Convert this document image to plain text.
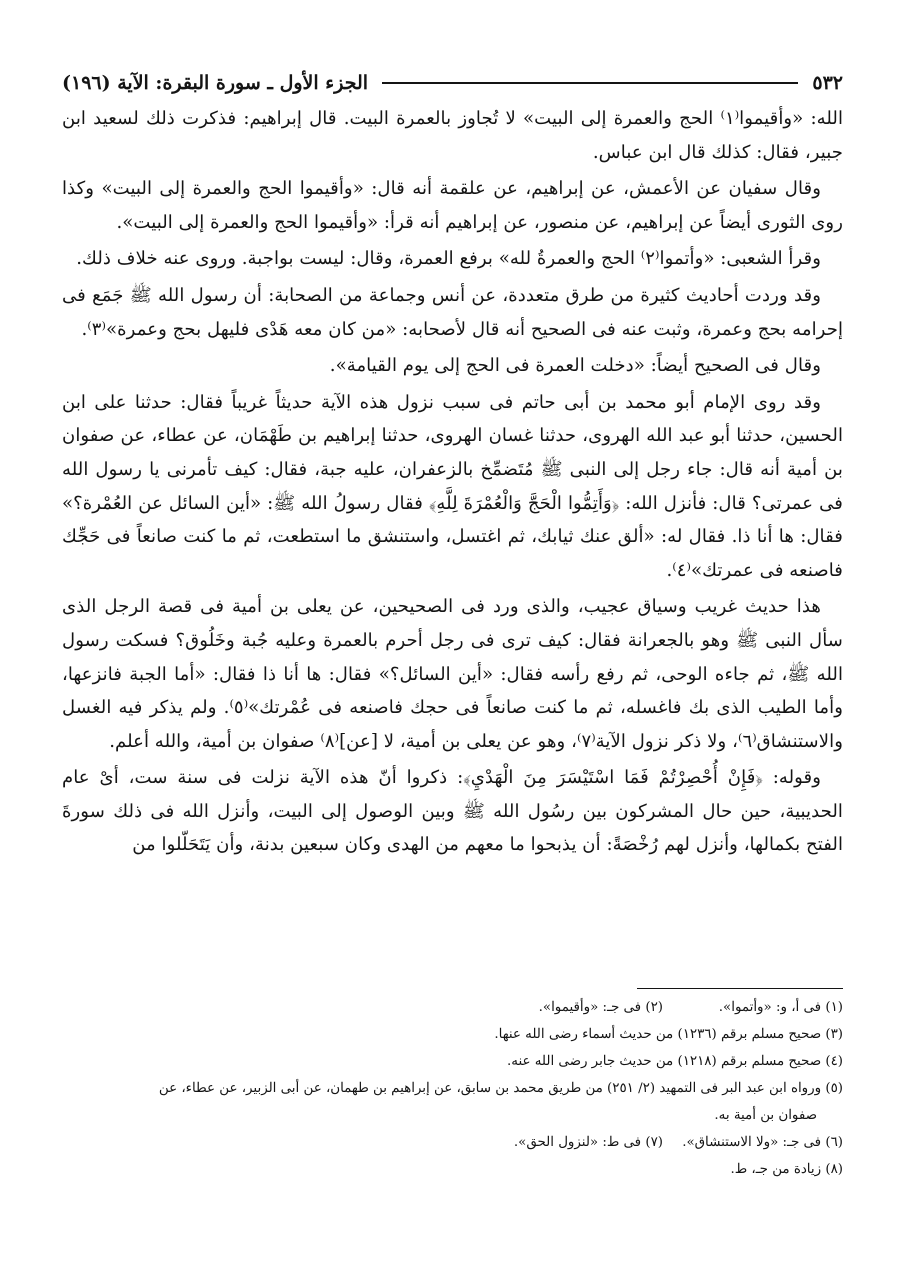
٥٣٢
الجزء الأول ـ سورة البقرة: الآية (١٩٦)

الله: «وأقيموا⁽١⁾ الحج والعمرة إلى البيت» لا تُجاوز بالعمرة البيت. قال إبراهيم: فذكرت ذلك لسعيد ابن جبير، فقال: كذلك قال ابن عباس.

وقال سفيان عن الأعمش، عن إبراهيم، عن علقمة أنه قال: «وأقيموا الحج والعمرة إلى البيت» وكذا روى الثورى أيضاً عن إبراهيم، عن منصور، عن إبراهيم أنه قرأ: «وأقيموا الحج والعمرة إلى البيت».

وقرأ الشعبى: «وأتموا⁽٢⁾ الحج والعمرةُ لله» برفع العمرة، وقال: ليست بواجبة. وروى عنه خلاف ذلك.

وقد وردت أحاديث كثيرة من طرق متعددة، عن أنس وجماعة من الصحابة: أن رسول الله ﷺ جَمَع فى إحرامه بحج وعمرة، وثبت عنه فى الصحيح أنه قال لأصحابه: «من كان معه هَدْى فليهل بحج وعمرة»⁽٣⁾.

وقال فى الصحيح أيضاً: «دخلت العمرة فى الحج إلى يوم القيامة».

وقد روى الإمام أبو محمد بن أبى حاتم فى سبب نزول هذه الآية حديثاً غريباً فقال: حدثنا على ابن الحسين، حدثنا أبو عبد الله الهروى، حدثنا غسان الهروى، حدثنا إبراهيم بن طَهْمَان، عن عطاء، عن صفوان بن أمية أنه قال: جاء رجل إلى النبى ﷺ مُتَضمِّخ بالزعفران، عليه جبة، فقال: كيف تأمرنى يا رسول الله فى عمرتى؟ قال: فأنزل الله: ﴿وَأَتِمُّوا الْحَجَّ وَالْعُمْرَةَ لِلَّهِ﴾ فقال رسولُ الله ﷺ: «أين السائل عن العُمْرة؟» فقال: ها أنا ذا. فقال له: «ألق عنك ثيابك، ثم اغتسل، واستنشق ما استطعت، ثم ما كنت صانعاً فى حَجِّك فاصنعه فى عمرتك»⁽٤⁾.

هذا حديث غريب وسياق عجيب، والذى ورد فى الصحيحين، عن يعلى بن أمية فى قصة الرجل الذى سأل النبى ﷺ وهو بالجعرانة فقال: كيف ترى فى رجل أحرم بالعمرة وعليه جُبة وخَلُوق؟ فسكت رسول الله ﷺ، ثم جاءه الوحى، ثم رفع رأسه فقال: «أين السائل؟» فقال: ها أنا ذا فقال: «أما الجبة فانزعها، وأما الطيب الذى بك فاغسله، ثم ما كنت صانعاً فى حجك فاصنعه فى عُمْرتك»⁽٥⁾. ولم يذكر فيه الغسل والاستنشاق⁽٦⁾، ولا ذكر نزول الآية⁽٧⁾، وهو عن يعلى بن أمية، لا [عن]⁽٨⁾ صفوان بن أمية، والله أعلم.

وقوله: ﴿فَإِنْ أُحْصِرْتُمْ فَمَا اسْتَيْسَرَ مِنَ الْهَدْيِ﴾: ذكروا أنّ هذه الآية نزلت فى سنة ست، أىْ عام الحديبية، حين حال المشركون بين رسُول الله ﷺ وبين الوصول إلى البيت، وأنزل الله فى ذلك سورةَ الفتح بكمالها، وأنزل لهم رُخْصَةً: أن يذبحوا ما معهم من الهدى وكان سبعين بدنة، وأن يَتَحَلّلوا من

(١) فى أ، و: «وأتموا».
(٢) فى جـ: «وأقيموا».
(٣) صحيح مسلم برقم (١٢٣٦) من حديث أسماء رضى الله عنها.
(٤) صحيح مسلم برقم (١٢١٨) من حديث جابر رضى الله عنه.
(٥) ورواه ابن عبد البر فى التمهيد (٢/ ٢٥١) من طريق محمد بن سابق، عن إبراهيم بن طهمان، عن أبى الزبير، عن عطاء، عن
صفوان بن أمية به.
(٦) فى جـ: «ولا الاستنشاق».
(٧) فى ط: «لنزول الحق».
(٨) زيادة من جـ، ط.
